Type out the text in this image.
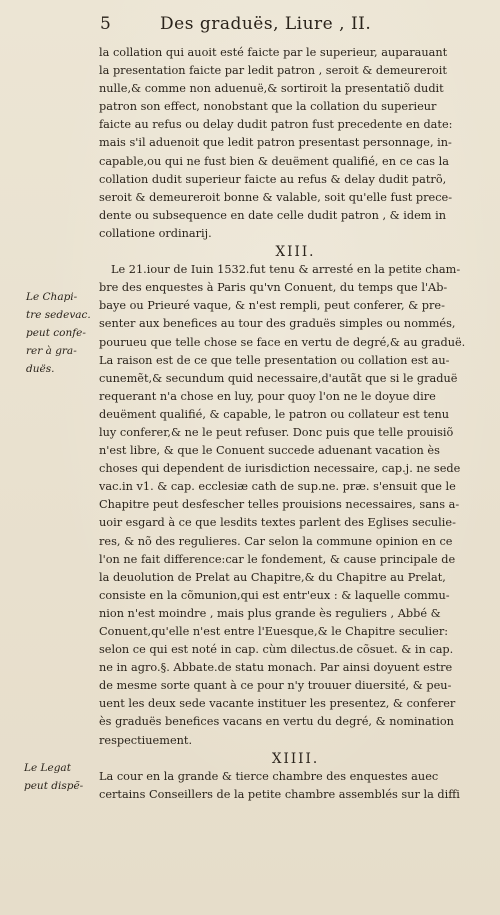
5	Des graduës, Liure , II.
la collation qui auoit esté faicte par le superieur, auparauant
la presentation faicte par ledit patron , seroit & demeureroit
nulle,& comme non aduenuë,& sortiroit la presentatiõ dudit
patron son effect, nonobstant que la collation du superieur
faicte au refus ou delay dudit patron fust precedente en date:
mais s'il aduenoit que ledit patron presentast personnage, in-
capable,ou qui ne fust bien & deuëment qualifié, en ce cas la
collation dudit superieur faicte au refus & delay dudit patrõ,
seroit & demeureroit bonne & valable, soit qu'elle fust prece-
dente ou subsequence en date celle dudit patron , & idem in
collatione ordinarij.
XIII.
Le 21.iour de Iuin 1532.fut tenu & arresté en la petite cham-
bre des enquestes à Paris qu'vn Conuent, du temps que l'Ab-
baye ou Prieuré vaque, & n'est rempli, peut conferer, & pre-
senter aux benefices au tour des graduës simples ou nommés,
pourueu que telle chose se face en vertu de degré,& au graduë.
La raison est de ce que telle presentation ou collation est au-
cunemẽt,& secundum quid necessaire,d'autãt que si le graduë
requerant n'a chose en luy, pour quoy l'on ne le doyue dire
deuëment qualifié, & capable, le patron ou collateur est tenu
luy conferer,& ne le peut refuser. Donc puis que telle prouisiõ
n'est libre, & que le Conuent succede aduenant vacation ès
choses qui dependent de iurisdiction necessaire, cap.j. ne sede
vac.in v1. & cap. ecclesiæ cath de sup.ne. præ. s'ensuit que le
Chapitre peut desfescher telles prouisions necessaires, sans a-
uoir esgard à ce que lesdits textes parlent des Eglises seculie-
res, & nõ des regulieres. Car selon la commune opinion en ce
l'on ne fait difference:car le fondement, & cause principale de
la deuolution de Prelat au Chapitre,& du Chapitre au Prelat,
consiste en la cõmunion,qui est entr'eux : & laquelle commu-
nion n'est moindre , mais plus grande ès reguliers , Abbé &
Conuent,qu'elle n'est entre l'Euesque,& le Chapitre seculier:
selon ce qui est noté in cap. cùm dilectus.de cõsuet. & in cap.
ne in agro.§. Abbate.de statu monach. Par ainsi doyuent estre
de mesme sorte quant à ce pour n'y trouuer diuersité, & peu-
uent les deux sede vacante instituer les presentez, & conferer
ès graduës benefices vacans en vertu du degré, & nomination
respectiuement.
XIIII.
La cour en la grande & tierce chambre des enquestes auec
certains Conseillers de la petite chambre assemblés sur la diffi
Le Chapi-
tre sedevac.
peut confe-
rer à gra-
duës.
Le Legat
peut dispẽ-
